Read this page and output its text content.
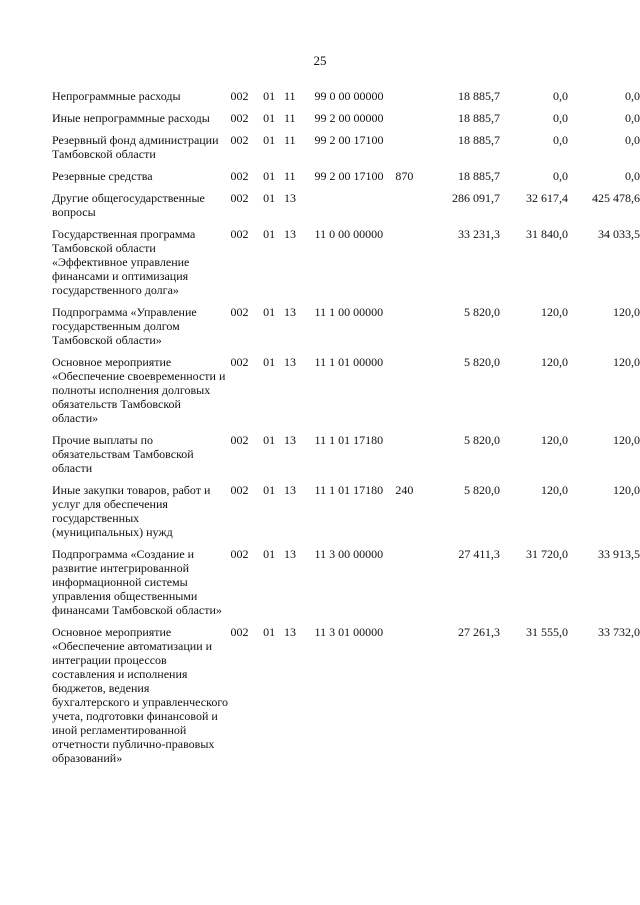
25
Непрограммные расходы	002	01	11	99 0 00 00000		18 885,7	0,0	0,0
Иные непрограммные расходы	002	01	11	99 2 00 00000		18 885,7	0,0	0,0
Резервный фонд администрации Тамбовской области	002	01	11	99 2 00 17100		18 885,7	0,0	0,0
Резервные средства	002	01	11	99 2 00 17100	870	18 885,7	0,0	0,0
Другие общегосударственные вопросы	002	01	13			286 091,7	32 617,4	425 478,6
Государственная программа Тамбовской области «Эффективное управление финансами и оптимизация государственного долга»	002	01	13	11 0 00 00000		33 231,3	31 840,0	34 033,5
Подпрограмма «Управление государственным долгом Тамбовской области»	002	01	13	11 1 00 00000		5 820,0	120,0	120,0
Основное мероприятие «Обеспечение своевременности и полноты исполнения долговых обязательств Тамбовской области»	002	01	13	11 1 01 00000		5 820,0	120,0	120,0
Прочие выплаты по обязательствам Тамбовской области	002	01	13	11 1 01 17180		5 820,0	120,0	120,0
Иные закупки товаров, работ и услуг для обеспечения государственных (муниципальных) нужд	002	01	13	11 1 01 17180	240	5 820,0	120,0	120,0
Подпрограмма «Создание и развитие интегрированной информационной системы управления общественными финансами Тамбовской области»	002	01	13	11 3 00 00000		27 411,3	31 720,0	33 913,5
Основное мероприятие «Обеспечение автоматизации и интеграции процессов составления и исполнения бюджетов, ведения бухгалтерского и управленческого учета, подготовки финансовой и иной регламентированной отчетности публично-правовых образований»	002	01	13	11 3 01 00000		27 261,3	31 555,0	33 732,0
